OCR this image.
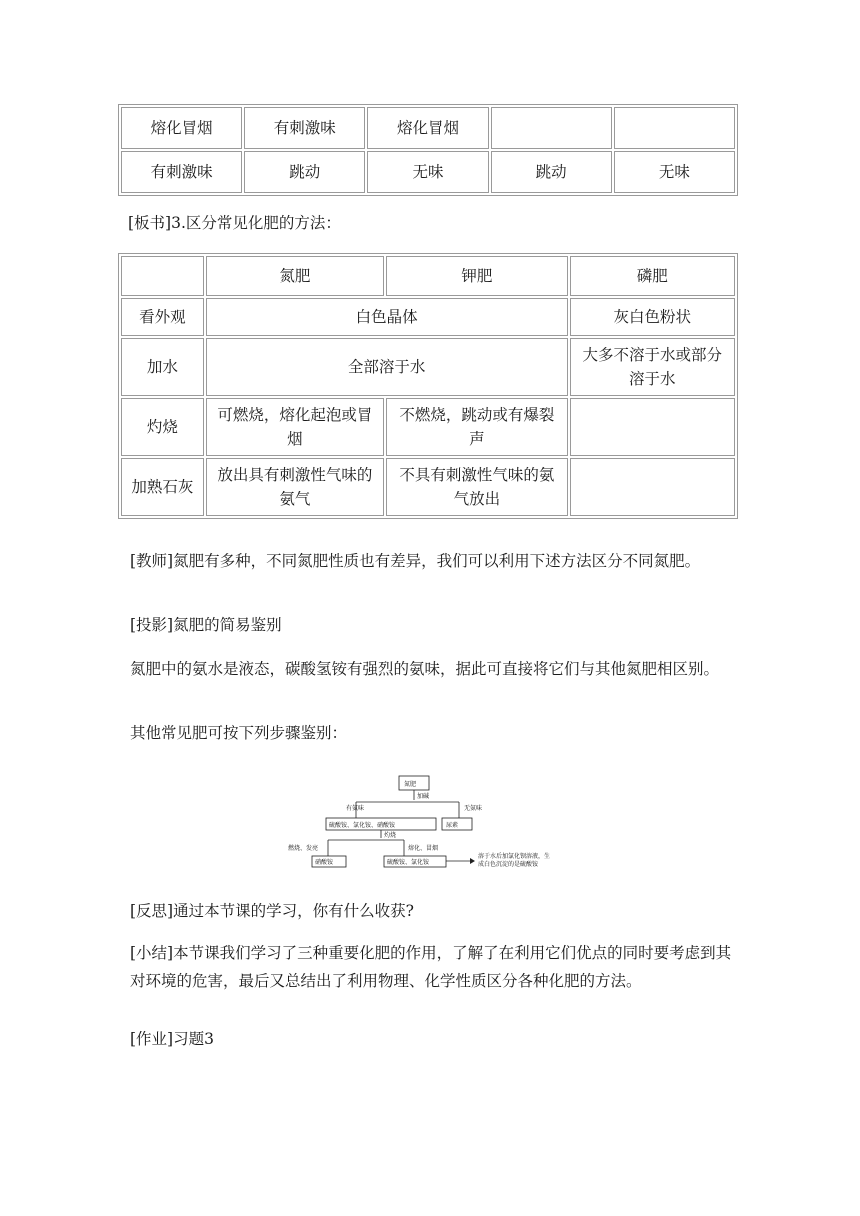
熔化冒烟	有刺激味	熔化冒烟		
有刺激味	跳动	无味	跳动	无味

[板书]3.区分常见化肥的方法：

	氮肥	钾肥	磷肥
看外观	白色晶体		灰白色粉状
加水	全部溶于水		大多不溶于水或部分溶于水
灼烧	可燃烧，熔化起泡或冒烟	不燃烧，跳动或有爆裂声	
加熟石灰	放出具有刺激性气味的氨气	不具有刺激性气味的氨气放出	

[教师]氮肥有多种，不同氮肥性质也有差异，我们可以利用下述方法区分不同氮肥。

[投影]氮肥的简易鉴别

氮肥中的氨水是液态，碳酸氢铵有强烈的氨味，据此可直接将它们与其他氮肥相区别。

其他常见肥可按下列步骤鉴别：

氮肥
加碱
有氨味	无氨味
硫酸铵、氯化铵、硝酸铵	尿素
灼烧
燃烧、发亮	熔化、冒烟
硝酸铵	硫酸铵、氯化铵
溶于水后加氯化钡溶液，生
成白色沉淀的是硫酸铵

[反思]通过本节课的学习，你有什么收获?

[小结]本节课我们学习了三种重要化肥的作用，了解了在利用它们优点的同时要考虑到其对环境的危害，最后又总结出了利用物理、化学性质区分各种化肥的方法。

[作业]习题3
